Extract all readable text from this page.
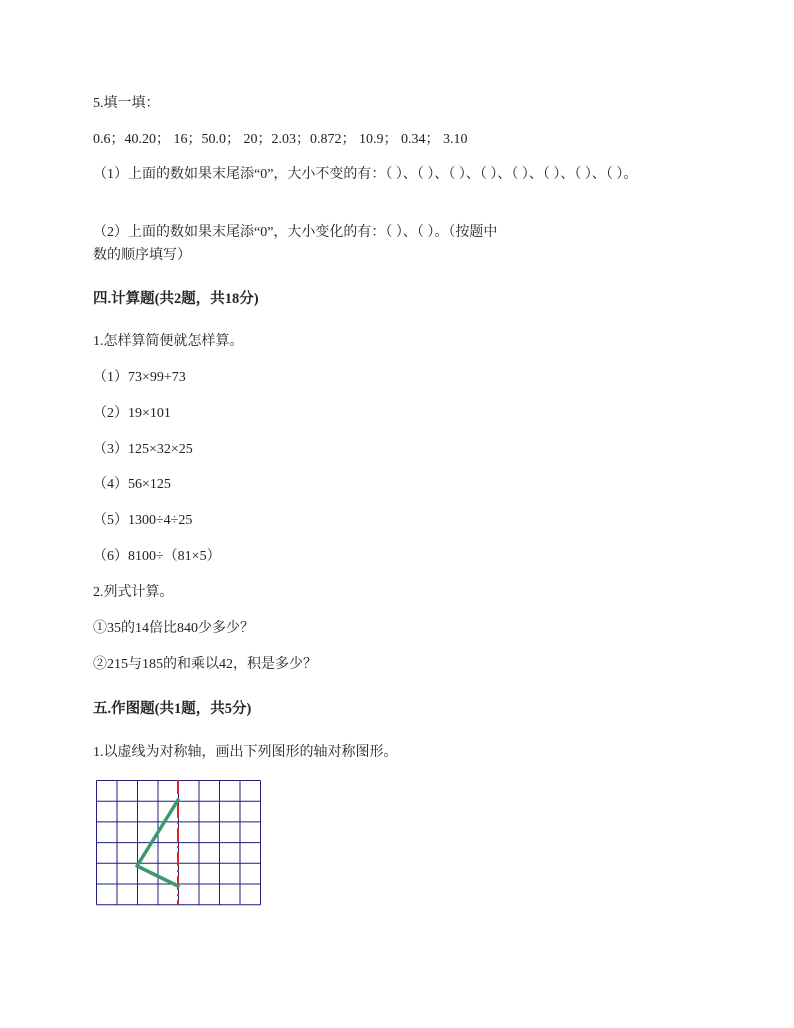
5.填一填：
0.6；40.20； 16；50.0； 20；2.03；0.872； 10.9； 0.34； 3.10
（1）上面的数如果末尾添“0”，大小不变的有：（ ）、（ ）、（ ）、（ ）、（ ）、（ ）、（ ）、（ ）。
（2）上面的数如果末尾添“0”，大小变化的有：（ ）、（ ）。（按题中数的顺序填写）
四.计算题(共2题，共18分)
1.怎样算简便就怎样算。
（1）73×99+73
（2）19×101
（3）125×32×25
（4）56×125
（5）1300÷4÷25
（6）8100÷（81×5）
2.列式计算。
①35的14倍比840少多少？
②215与185的和乘以42，积是多少？
五.作图题(共1题，共5分)
1.以虚线为对称轴，画出下列图形的轴对称图形。
